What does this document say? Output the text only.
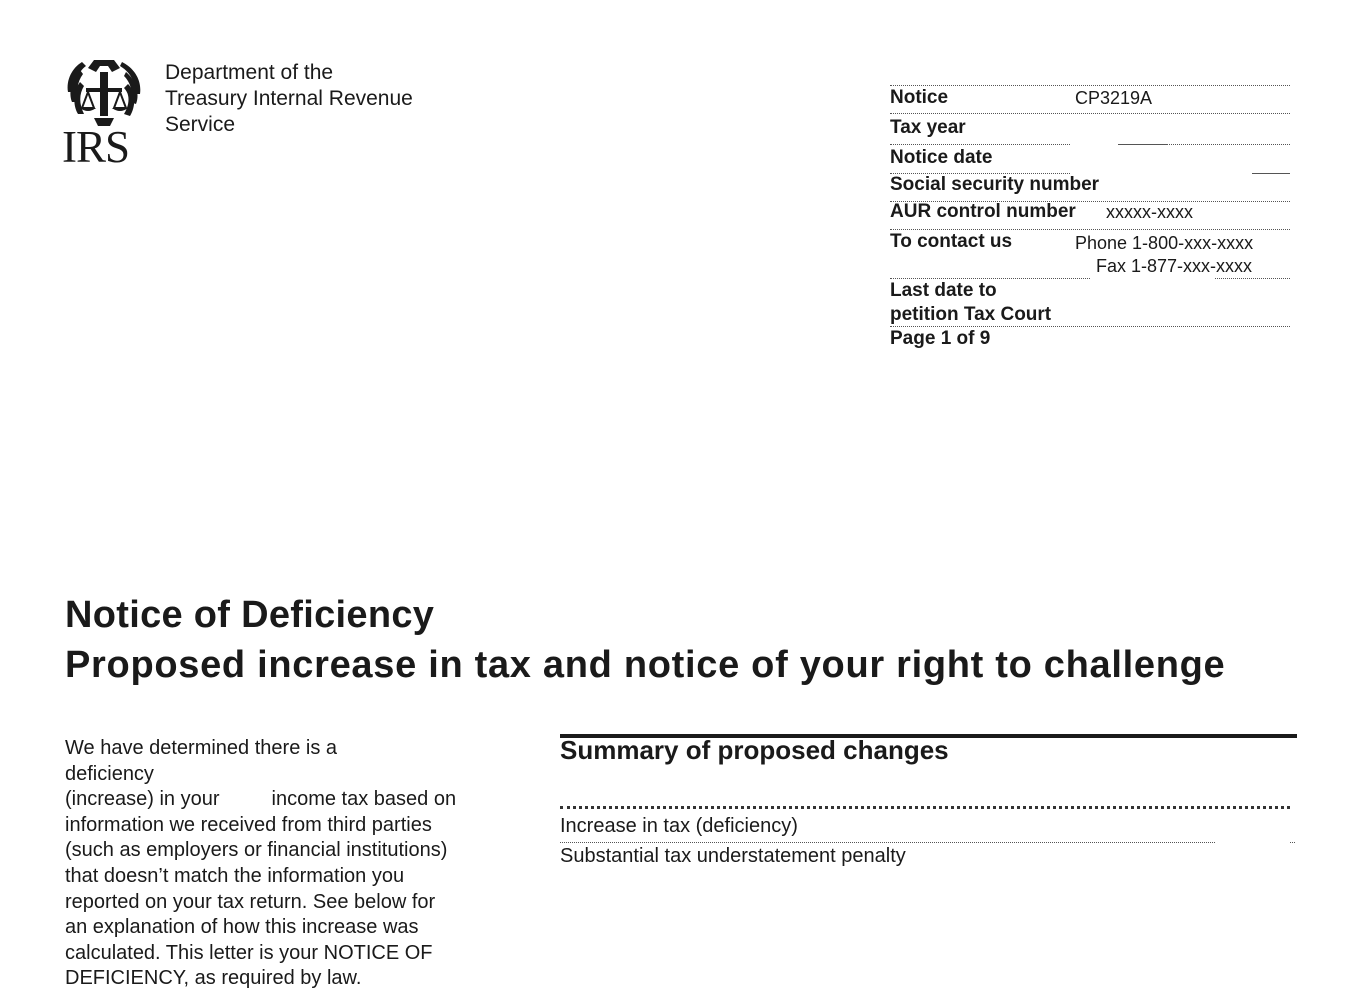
IRS
Department of the
Treasury Internal Revenue
Service
Notice	CP3219A
Tax year
Notice date
Social security number
AUR control number xxxxx-xxxx
To contact us	Phone 1-800-xxx-xxxx
Fax 1-877-xxx-xxxx
Last date to
petition Tax Court
Page 1 of 9
Notice of Deficiency
Proposed increase in tax and notice of your right to challenge
We have determined there is a
deficiency
(increase) in your	income tax based on
information we received from third parties
(such as employers or financial institutions)
that doesn’t match the information you
reported on your tax return. See below for
an explanation of how this increase was
calculated. This letter is your NOTICE OF
DEFICIENCY, as required by law.
Summary of proposed changes
Increase in tax (deficiency)
Substantial tax understatement penalty
